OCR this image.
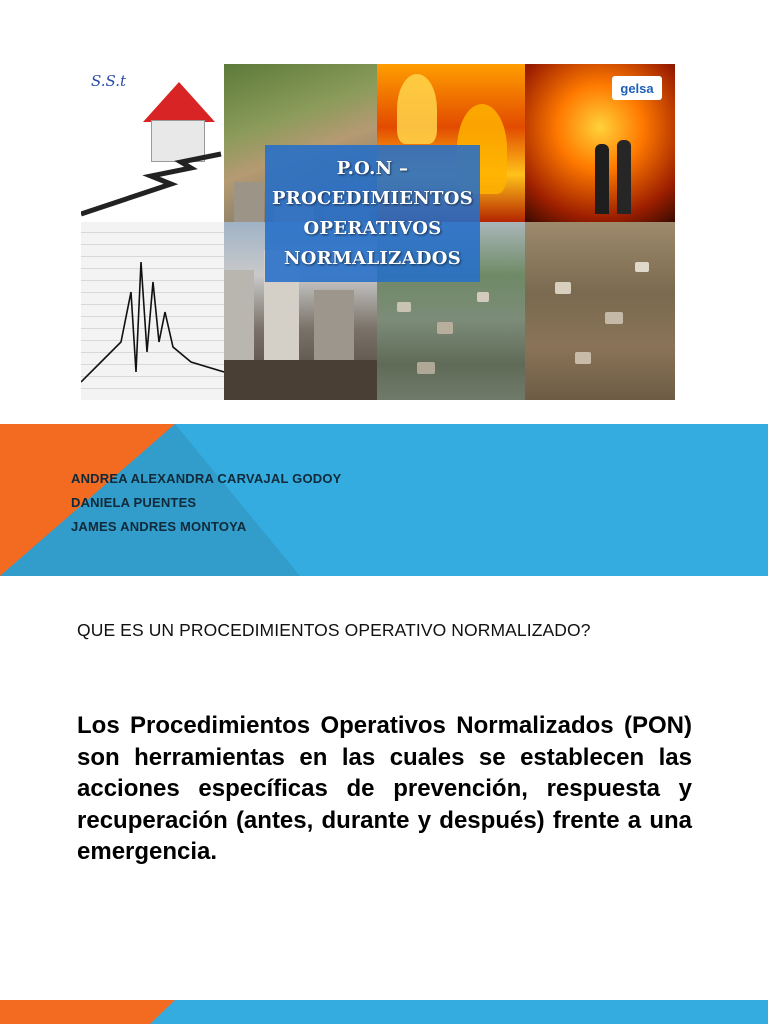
S.S.t	gelsa
P.O.N –
PROCEDIMIENTOS
OPERATIVOS
NORMALIZADOS
ANDREA ALEXANDRA CARVAJAL GODOY
DANIELA PUENTES
JAMES ANDRES MONTOYA
QUE ES UN PROCEDIMIENTOS OPERATIVO NORMALIZADO?
Los Procedimientos Operativos Normalizados (PON) son herramientas en las cuales se establecen las acciones específicas de prevención, respuesta y recuperación (antes, durante y después) frente a una emergencia.
